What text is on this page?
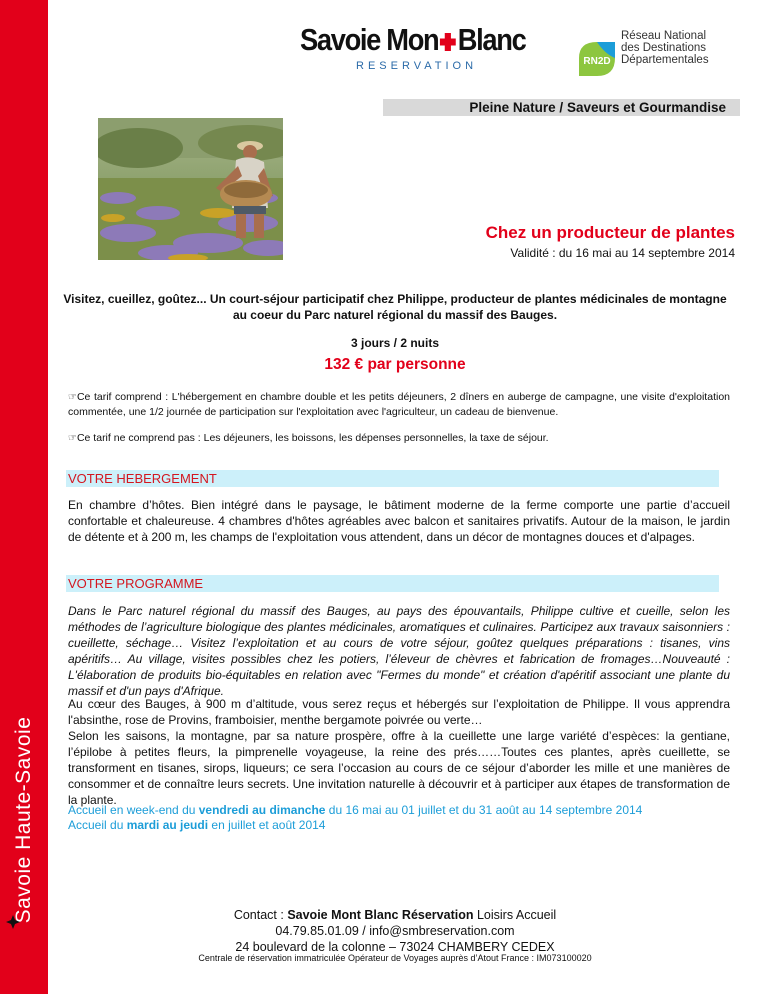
Savoie Haute-Savoie
Savoie Mon Blanc
RESERVATION	RN2D
Réseau National
des Destinations
Départementales
Pleine Nature / Saveurs et Gourmandise
Chez un producteur de plantes
Validité : du 16 mai au 14 septembre 2014
Visitez, cueillez, goûtez... Un court-séjour participatif chez Philippe, producteur de plantes médicinales de montagne au coeur du Parc naturel régional du massif des Bauges.
3 jours / 2 nuits
132 € par personne
☞Ce tarif comprend : L'hébergement en chambre double et les petits déjeuners, 2 dîners en auberge de campagne, une visite d'exploitation commentée, une 1/2 journée de participation sur l'exploitation avec l'agriculteur, un cadeau de bienvenue.
☞Ce tarif ne comprend pas : Les déjeuners, les boissons, les dépenses personnelles, la taxe de séjour.
VOTRE HEBERGEMENT
En chambre d’hôtes. Bien intégré dans le paysage, le bâtiment moderne de la ferme comporte une partie d’accueil confortable et chaleureuse. 4 chambres d'hôtes agréables avec balcon et sanitaires privatifs. Autour de la maison, le jardin de détente et à 200 m, les champs de l'exploitation vous attendent, dans un décor de montagnes douces et d'alpages.
VOTRE PROGRAMME
Dans le Parc naturel régional du massif des Bauges, au pays des épouvantails, Philippe cultive et cueille, selon les méthodes de l’agriculture biologique des plantes médicinales, aromatiques et culinaires. Participez aux travaux saisonniers : cueillette, séchage… Visitez l’exploitation et au cours de votre séjour, goûtez quelques préparations : tisanes, vins apéritifs… Au village, visites possibles chez les potiers, l’éleveur de chèvres et fabrication de fromages…Nouveauté : L'élaboration de produits bio-équitables en relation avec "Fermes du monde" et création d'apéritif associant une plante du massif et d'un pays d'Afrique.
Au cœur des Bauges, à 900 m d’altitude, vous serez reçus et hébergés sur l’exploitation de Philippe. Il vous apprendra l'absinthe, rose de Provins, framboisier, menthe bergamote poivrée ou verte…
Selon les saisons, la montagne, par sa nature prospère, offre à la cueillette une large variété d’espèces: la gentiane, l’épilobe à petites fleurs, la pimprenelle voyageuse, la reine des prés……Toutes ces plantes, après cueillette, se transforment en tisanes, sirops, liqueurs; ce sera l’occasion au cours de ce séjour d’aborder les mille et une manières de consommer et de connaître leurs secrets. Une invitation naturelle à découvrir et à participer aux étapes de transformation de la plante.
Accueil en week-end du vendredi au dimanche du 16 mai au 01 juillet et du 31 août au 14 septembre 2014
Accueil du mardi au jeudi en juillet et août 2014
Contact : Savoie Mont Blanc Réservation Loisirs Accueil
04.79.85.01.09 / info@smbreservation.com
24 boulevard de la colonne – 73024 CHAMBERY CEDEX
Centrale de réservation immatriculée Opérateur de Voyages auprès d’Atout France : IM073100020
